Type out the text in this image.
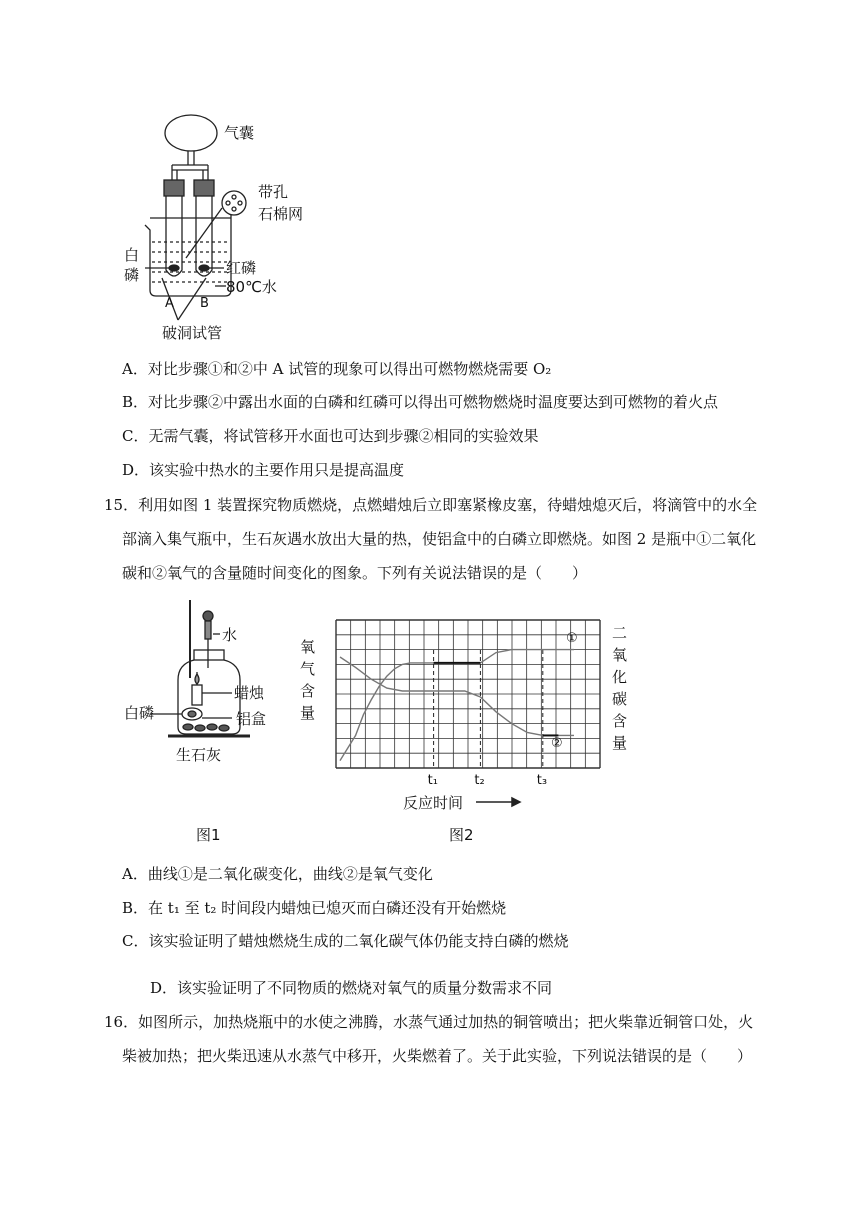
气囊
带孔
石棉网
白
磷	红磷
80℃水
A B
破洞试管
A．对比步骤①和②中 A 试管的现象可以得出可燃物燃烧需要 O₂
B．对比步骤②中露出水面的白磷和红磷可以得出可燃物燃烧时温度要达到可燃物的着火点
C．无需气囊，将试管移开水面也可达到步骤②相同的实验效果
D．该实验中热水的主要作用只是提高温度
15．利用如图 1 装置探究物质燃烧，点燃蜡烛后立即塞紧橡皮塞，待蜡烛熄灭后，将滴管中的水全
部滴入集气瓶中，生石灰遇水放出大量的热，使铝盒中的白磷立即燃烧。如图 2 是瓶中①二氧化
碳和②氧气的含量随时间变化的图象。下列有关说法错误的是（　　）
水
蜡烛
白磷	铝盒
生石灰
图1
t₁	t₂	t₃
氧
气
含
量
二
氧
化
碳
含
量
反应时间
①
②
图2
A．曲线①是二氧化碳变化，曲线②是氧气变化
B．在 t₁ 至 t₂ 时间段内蜡烛已熄灭而白磷还没有开始燃烧
C．该实验证明了蜡烛燃烧生成的二氧化碳气体仍能支持白磷的燃烧
D．该实验证明了不同物质的燃烧对氧气的质量分数需求不同
16．如图所示，加热烧瓶中的水使之沸腾，水蒸气通过加热的铜管喷出；把火柴靠近铜管口处，火
柴被加热；把火柴迅速从水蒸气中移开，火柴燃着了。关于此实验，下列说法错误的是（　　）
